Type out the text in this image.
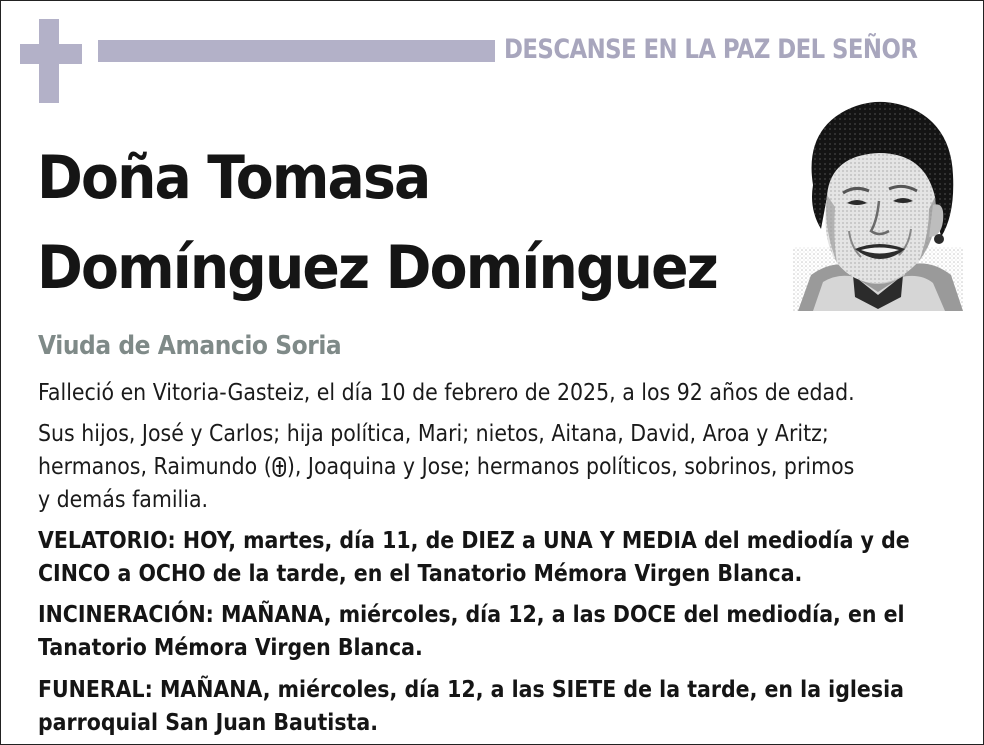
DESCANSE EN LA PAZ DEL SEÑOR
Doña Tomasa
Domínguez Domínguez
Viuda de Amancio Soria
Falleció en Vitoria-Gasteiz, el día 10 de febrero de 2025, a los 92 años de edad.
Sus hijos, José y Carlos; hija política, Mari; nietos, Aitana, David, Aroa y Aritz;
hermanos, Raimundo ( ), Joaquina y Jose; hermanos políticos, sobrinos, primos
y demás familia.
VELATORIO: HOY, martes, día 11, de DIEZ a UNA Y MEDIA del mediodía y de
CINCO a OCHO de la tarde, en el Tanatorio Mémora Virgen Blanca.
INCINERACIÓN: MAÑANA, miércoles, día 12, a las DOCE del mediodía, en el
Tanatorio Mémora Virgen Blanca.
FUNERAL: MAÑANA, miércoles, día 12, a las SIETE de la tarde, en la iglesia
parroquial San Juan Bautista.
